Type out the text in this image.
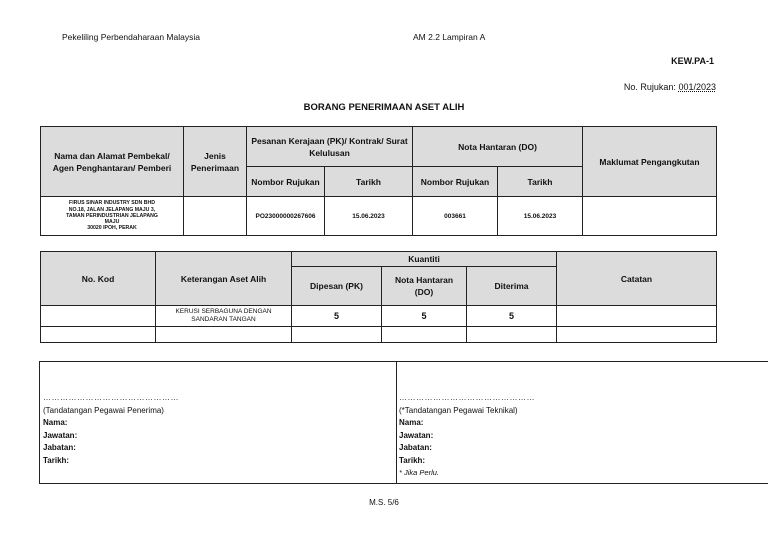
Pekeliling Perbendaharaan Malaysia	AM 2.2 Lampiran A
KEW.PA-1
No. Rujukan: 001/2023
BORANG PENERIMAAN ASET ALIH
Nama dan Alamat Pembekal/ Agen Penghantaran/ Pemberi	Jenis Penerimaan	Pesanan Kerajaan (PK)/ Kontrak/ Surat Kelulusan		Nota Hantaran (DO)		Maklumat Pengangkutan
		Nombor Rujukan	Tarikh	Nombor Rujukan	Tarikh	

FIRUS SINAR INDUSTRY SDN BHD
NO.18, JALAN JELAPANG MAJU 3,
TAMAN PERINDUSTRIAN JELAPANG
MAJU
30020 IPOH, PERAK		PO23000000267606	15.06.2023	003661	15.06.2023	
No. Kod	Keterangan Aset Alih	Kuantiti			Catatan
		Dipesan (PK)	Nota Hantaran (DO)	Diterima	
	KERUSI SERBAGUNA DENGAN SANDARAN TANGAN	5	5	5	

…………………………………………
(Tandatangan Pegawai Penerima)
Nama:
Jawatan:
Jabatan:
Tarikh:
…………………………………………
(*Tandatangan Pegawai Teknikal)
Nama:
Jawatan:
Jabatan:
Tarikh:
* Jika Perlu.
M.S. 5/6
